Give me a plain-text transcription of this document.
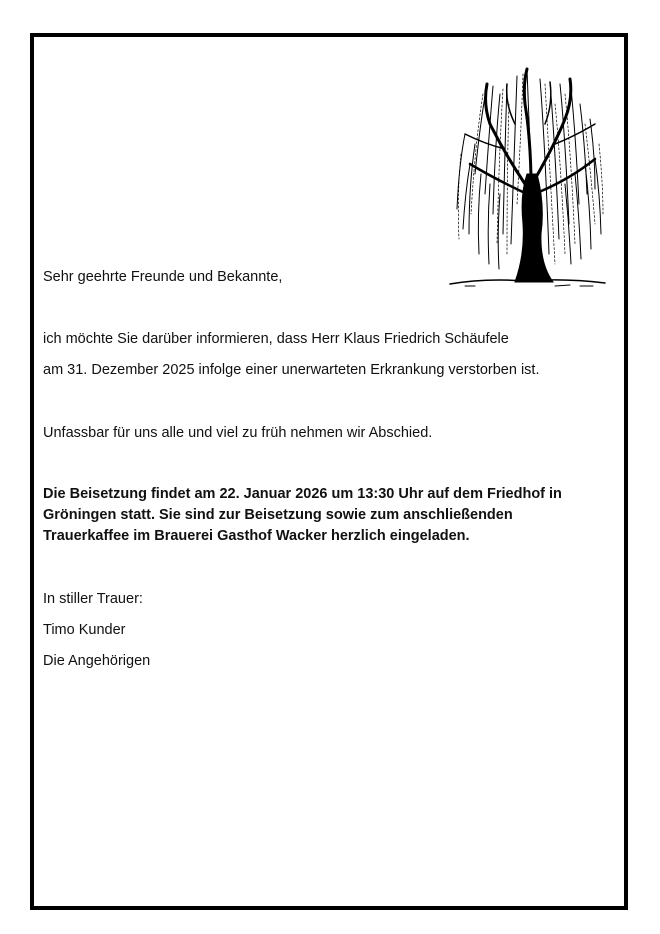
Sehr geehrte Freunde und Bekannte,
ich möchte Sie darüber informieren, dass Herr Klaus Friedrich Schäufele
am 31. Dezember 2025 infolge einer unerwarteten Erkrankung verstorben ist.
Unfassbar für uns alle und viel zu früh nehmen wir Abschied.
Die Beisetzung findet am 22. Januar 2026 um 13:30 Uhr auf dem Friedhof in
Gröningen statt. Sie sind zur Beisetzung sowie zum anschließenden
Trauerkaffee im Brauerei Gasthof Wacker herzlich eingeladen.
In stiller Trauer:
Timo Kunder
Die Angehörigen
